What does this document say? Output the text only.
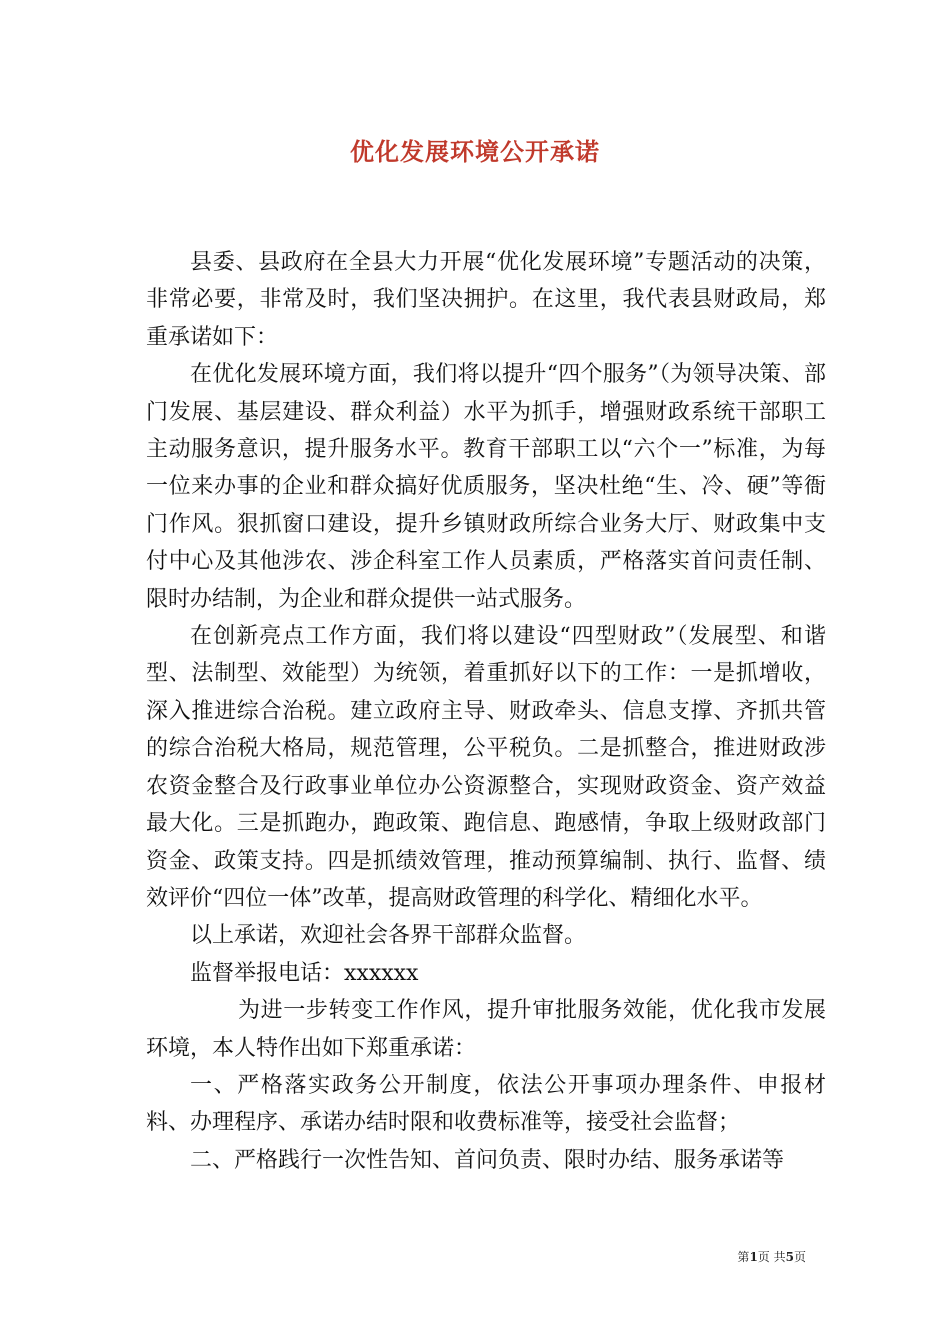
优化发展环境公开承诺

县委、县政府在全县大力开展“优化发展环境”专题活动的决策，非常必要，非常及时，我们坚决拥护。在这里，我代表县财政局，郑重承诺如下：

在优化发展环境方面，我们将以提升“四个服务”（为领导决策、部门发展、基层建设、群众利益）水平为抓手，增强财政系统干部职工主动服务意识，提升服务水平。教育干部职工以“六个一”标准，为每一位来办事的企业和群众搞好优质服务，坚决杜绝“生、冷、硬”等衙门作风。狠抓窗口建设，提升乡镇财政所综合业务大厅、财政集中支付中心及其他涉农、涉企科室工作人员素质，严格落实首问责任制、限时办结制，为企业和群众提供一站式服务。

在创新亮点工作方面，我们将以建设“四型财政”（发展型、和谐型、法制型、效能型）为统领，着重抓好以下的工作：一是抓增收，深入推进综合治税。建立政府主导、财政牵头、信息支撑、齐抓共管的综合治税大格局，规范管理，公平税负。二是抓整合，推进财政涉农资金整合及行政事业单位办公资源整合，实现财政资金、资产效益最大化。三是抓跑办，跑政策、跑信息、跑感情，争取上级财政部门资金、政策支持。四是抓绩效管理，推动预算编制、执行、监督、绩效评价“四位一体”改革，提高财政管理的科学化、精细化水平。

以上承诺，欢迎社会各界干部群众监督。

监督举报电话：xxxxxx

为进一步转变工作作风，提升审批服务效能，优化我市发展环境，本人特作出如下郑重承诺：

一、严格落实政务公开制度，依法公开事项办理条件、申报材料、办理程序、承诺办结时限和收费标准等，接受社会监督；

二、严格践行一次性告知、首问负责、限时办结、服务承诺等

第1页 共5页
